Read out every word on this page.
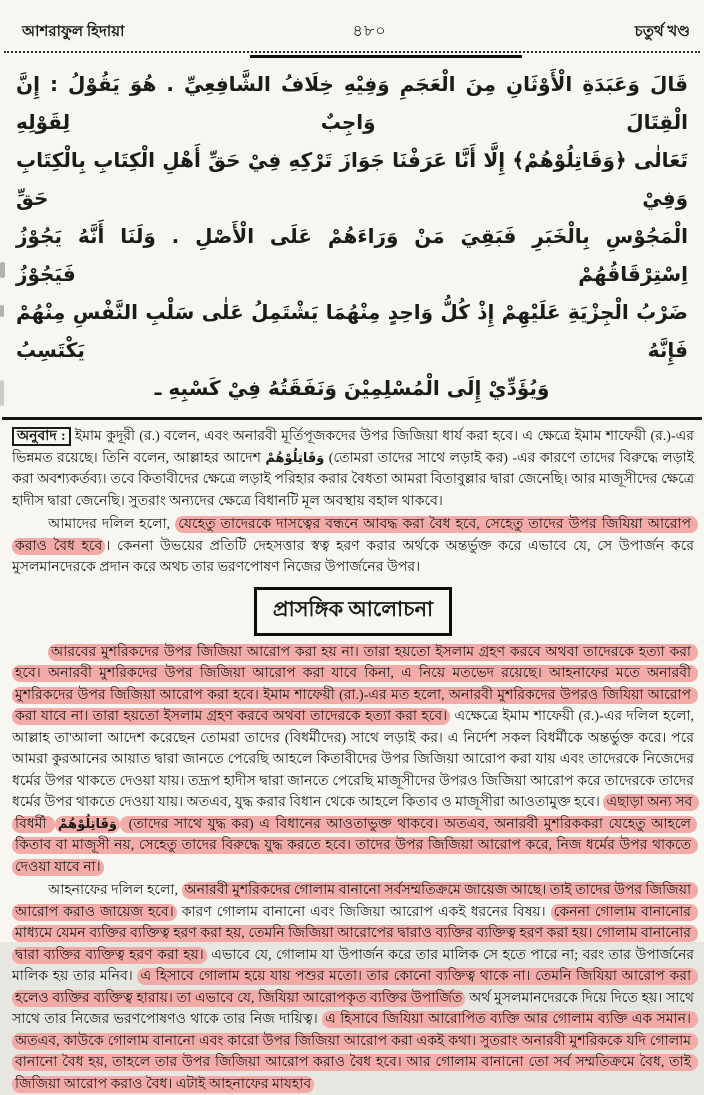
আশরাফুল হিদায়া	৪৮০	চতুর্থ খণ্ড
قَالَ وَعَبَدَةِ الْأَوْثَانِ مِنَ الْعَجَمِ وَفِيْهِ خِلَافُ الشَّافِعِيِّ . هُوَ يَقُوْلُ : إِنَّ الْقِتَالَ وَاجِبٌ لِقَوْلِهِ
تَعَالٰى ﴿وَقَاتِلُوْهُمْ﴾ إِلَّا أَنَّا عَرَفْنَا جَوَازَ تَرْكِهِ فِيْ حَقِّ أَهْلِ الْكِتَابِ بِالْكِتَابِ وَفِيْ حَقِّ
الْمَجُوْسِ بِالْخَبَرِ فَبَقِيَ مَنْ وَرَاءَهُمْ عَلَى الْأَصْلِ . وَلَنَا أَنَّهُ يَجُوْزُ اِسْتِرْقَاقُهُمْ فَيَجُوْزُ
ضَرْبُ الْجِزْيَةِ عَلَيْهِمْ إِذْ كُلُّ وَاحِدٍ مِنْهُمَا يَشْتَمِلُ عَلٰى سَلْبِ النَّفْسِ مِنْهُمْ فَإِنَّهُ يَكْتَسِبُ
وَيُؤَدِّيْ إِلَى الْمُسْلِمِيْنَ وَنَفَقَتُهُ فِيْ كَسْبِهِ ـ

অনুবাদ : ইমাম কুদূরী (র.) বলেন, এবং অনারবী মূর্তিপূজকদের উপর জিজিয়া ধার্য করা হবে। এ ক্ষেত্রে ইমাম শাফেয়ী (র.)-এর ভিন্নমত রয়েছে। তিনি বলেন, আল্লাহর আদেশ وَقَاتِلُوْهُمْ (তোমরা তাদের সাথে লড়াই কর) -এর কারণে তাদের বিরুদ্ধে লড়াই করা অবশ্যকর্তব্য। তবে কিতাবীদের ক্ষেত্রে লড়াই পরিহার করার বৈধতা আমরা বিতাবুল্লার দ্বারা জেনেছি। আর মাজূসীদের ক্ষেত্রে হাদীস দ্বারা জেনেছি। সুতরাং অন্যদের ক্ষেত্রে বিধানটি মূল অবস্থায় বহাল থাকবে।

আমাদের দলিল হলো, যেহেতু তাদেরকে দাসত্বের বন্ধনে আবদ্ধ করা বৈধ হবে, সেহেতু তাদের উপর জিযিয়া আরোপ করাও বৈধ হবে । কেননা উভয়ের প্রতিটি দেহসত্তার স্বত্ব হরণ করার অর্থকে অন্তর্ভুক্ত করে এভাবে যে, সে উপার্জন করে মুসলমানদেরকে প্রদান করে অথচ তার ভরণপোষণ নিজের উপার্জনের উপর।

প্রাসঙ্গিক আলোচনা

আরবের মুশরিকদের উপর জিজিয়া আরোপ করা হয় না। তারা হয়তো ইসলাম গ্রহণ করবে অথবা তাদেরকে হত্যা করা হবে। অনারবী মুশরিকদের উপর জিজিয়া আরোপ করা যাবে কিনা, এ নিয়ে মতভেদ রয়েছে। আহনাফের মতে অনারবী মুশরিকদের উপর জিজিয়া আরোপ করা হবে। ইমাম শাফেয়ী (রা.)-এর মত হলো, অনারবী মুশরিকদের উপরও জিযিয়া আরোপ করা যাবে না। তারা হয়তো ইসলাম গ্রহণ করবে অথবা তাদেরকে হত্যা করা হবে। এক্ষেত্রে ইমাম শাফেয়ী (র.)-এর দলিল হলো, আল্লাহ তা'আলা আদেশ করেছেন তোমরা তাদের (বিধর্মীদের) সাথে লড়াই কর। এ নির্দেশ সকল বিধর্মীকে অন্তর্ভুক্ত করে। পরে আমরা কুরআনের আয়াত দ্বারা জানতে পেরেছি আহলে কিতাবীদের উপর জিজিয়া আরোপ করা যায় এবং তাদেরকে নিজেদের ধর্মের উপর থাকতে দেওয়া যায়। তদ্রূপ হাদীস দ্বারা জানতে পেরেছি মাজূসীদের উপরও জিজিয়া আরোপ করে তাদেরকে তাদের ধর্মের উপর থাকতে দেওয়া যায়। অতএব, যুদ্ধ করার বিধান থেকে আহলে কিতাব ও মাজূসীরা আওতামুক্ত হবে। এছাড়া অন্য সব বিধর্মী وَقَاتِلُوْهُمْ (তাদের সাথে যুদ্ধ কর) এ বিধানের আওতাভুক্ত থাকবে। অতএব, অনারবী মুশরিককরা যেহেতু আহলে কিতাব বা মাজূসী নয়, সেহেতু তাদের বিরুদ্ধে যুদ্ধ করতে হবে। তাদের উপর জিজিয়া আরোপ করে, নিজ ধর্মের উপর থাকতে দেওয়া যাবে না।

আহনাফের দলিল হলো, অনারবী মুশরিকদের গোলাম বানানো সর্বসম্মতিক্রমে জায়েজ আছে। তাই তাদের উপর জিজিয়া আরোপ করাও জায়েজ হবে। কারণ গোলাম বানানো এবং জিজিয়া আরোপ একই ধরনের বিষয়। কেননা গোলাম বানানোর মাধ্যমে যেমন ব্যক্তির ব্যক্তিত্ব হরণ করা হয়, তেমনি জিজিয়া আরোপের দ্বারাও ব্যক্তির ব্যক্তিত্ব হরণ করা হয়। গোলাম বানানোর দ্বারা ব্যক্তির ব্যক্তিত্ব হরণ করা হয়। এভাবে যে, গোলাম যা উপার্জন করে তার মালিক সে হতে পারে না; বরং তার উপার্জনের মালিক হয় তার মনিব। এ হিসাবে গোলাম হয়ে যায় পশুর মতো। তার কোনো ব্যক্তিত্ব থাকে না। তেমনি জিযিয়া আরোপ করা হলেও ব্যক্তির ব্যক্তিত্ব হারায়। তা এভাবে যে, জিযিয়া আরোপকৃত ব্যক্তির উপার্জিত অর্থ মুসলমানদেরকে দিয়ে দিতে হয়। সাথে সাথে তার নিজের ভরণপোষণও থাকে তার নিজ দায়িত্ব। এ হিসাবে জিযিয়া আরোপিত ব্যক্তি আর গোলাম ব্যক্তি এক সমান। অতএব, কাউকে গোলাম বানানো এবং কারো উপর জিজিয়া আরোপ করা একই কথা। সুতরাং অনারবী মুশরিককে যদি গোলাম বানানো বৈধ হয়, তাহলে তার উপর জিজিয়া আরোপ করাও বৈধ হবে। আর গোলাম বানানো তো সর্ব সম্মতিক্রমে বৈধ, তাই জিজিয়া আরোপ করাও বৈধ। এটাই আহনাফের মাযহাব
